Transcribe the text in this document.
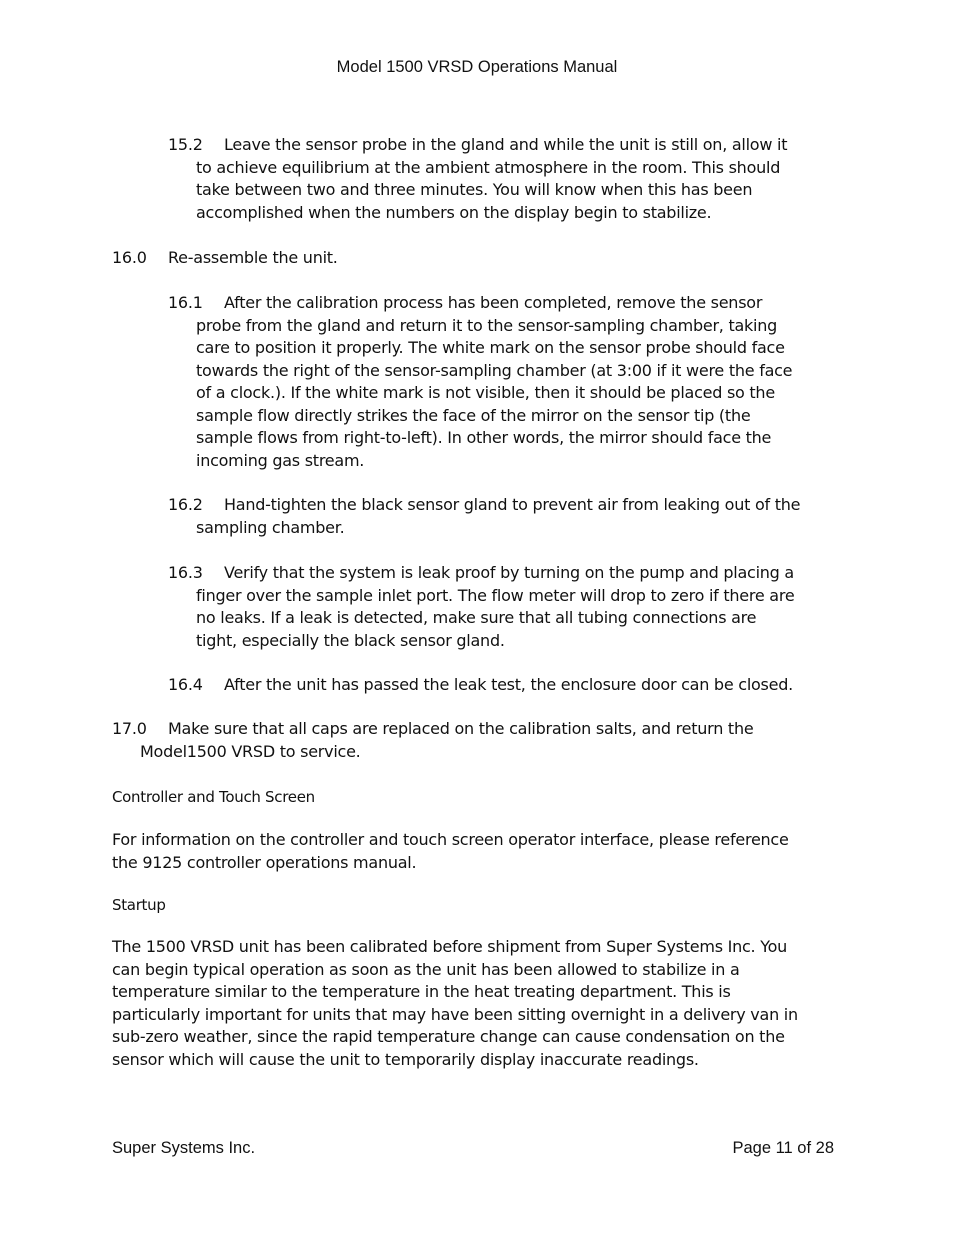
Model 1500 VRSD Operations Manual
15.2 Leave the sensor probe in the gland and while the unit is still on, allow it
to achieve equilibrium at the ambient atmosphere in the room. This should
take between two and three minutes. You will know when this has been
accomplished when the numbers on the display begin to stabilize.
16.0 Re-assemble the unit.
16.1 After the calibration process has been completed, remove the sensor
probe from the gland and return it to the sensor-sampling chamber, taking
care to position it properly. The white mark on the sensor probe should face
towards the right of the sensor-sampling chamber (at 3:00 if it were the face
of a clock.). If the white mark is not visible, then it should be placed so the
sample flow directly strikes the face of the mirror on the sensor tip (the
sample flows from right-to-left). In other words, the mirror should face the
incoming gas stream.
16.2 Hand-tighten the black sensor gland to prevent air from leaking out of the
sampling chamber.
16.3 Verify that the system is leak proof by turning on the pump and placing a
finger over the sample inlet port. The flow meter will drop to zero if there are
no leaks. If a leak is detected, make sure that all tubing connections are
tight, especially the black sensor gland.
16.4 After the unit has passed the leak test, the enclosure door can be closed.
17.0 Make sure that all caps are replaced on the calibration salts, and return the
Model1500 VRSD to service.
Controller and Touch Screen
For information on the controller and touch screen operator interface, please reference
the 9125 controller operations manual.
Startup
The 1500 VRSD unit has been calibrated before shipment from Super Systems Inc. You
can begin typical operation as soon as the unit has been allowed to stabilize in a
temperature similar to the temperature in the heat treating department. This is
particularly important for units that may have been sitting overnight in a delivery van in
sub-zero weather, since the rapid temperature change can cause condensation on the
sensor which will cause the unit to temporarily display inaccurate readings.
Super Systems Inc.	Page 11 of 28
